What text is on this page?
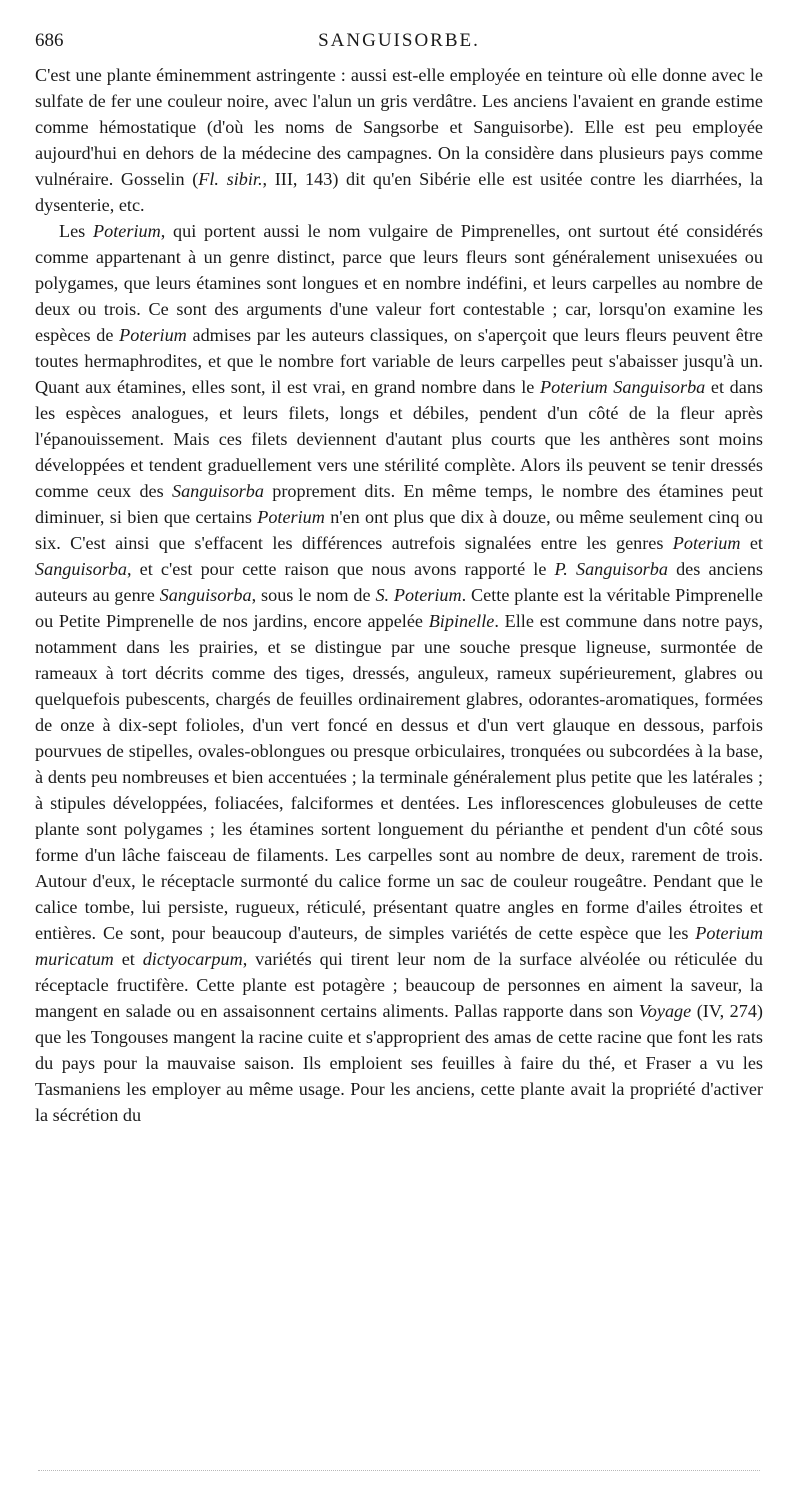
686	SANGUISORBE.

C'est une plante éminemment astringente : aussi est-elle employée en teinture où elle donne avec le sulfate de fer une couleur noire, avec l'alun un gris verdâtre. Les anciens l'avaient en grande estime comme hémostatique (d'où les noms de Sangsorbe et Sanguisorbe). Elle est peu employée aujourd'hui en dehors de la médecine des campagnes. On la considère dans plusieurs pays comme vulnéraire. Gosselin (Fl. sibir., III, 143) dit qu'en Sibérie elle est usitée contre les diarrhées, la dysenterie, etc.

Les Poterium, qui portent aussi le nom vulgaire de Pimprenelles, ont surtout été considérés comme appartenant à un genre distinct, parce que leurs fleurs sont généralement unisexuées ou polygames, que leurs étamines sont longues et en nombre indéfini, et leurs carpelles au nombre de deux ou trois. Ce sont des arguments d'une valeur fort contestable ; car, lorsqu'on examine les espèces de Poterium admises par les auteurs classiques, on s'aperçoit que leurs fleurs peuvent être toutes hermaphrodites, et que le nombre fort variable de leurs carpelles peut s'abaisser jusqu'à un. Quant aux étamines, elles sont, il est vrai, en grand nombre dans le Poterium Sanguisorba et dans les espèces analogues, et leurs filets, longs et débiles, pendent d'un côté de la fleur après l'épanouissement. Mais ces filets deviennent d'autant plus courts que les anthères sont moins développées et tendent graduellement vers une stérilité complète. Alors ils peuvent se tenir dressés comme ceux des Sanguisorba proprement dits. En même temps, le nombre des étamines peut diminuer, si bien que certains Poterium n'en ont plus que dix à douze, ou même seulement cinq ou six. C'est ainsi que s'effacent les différences autrefois signalées entre les genres Poterium et Sanguisorba, et c'est pour cette raison que nous avons rapporté le P. Sanguisorba des anciens auteurs au genre Sanguisorba, sous le nom de S. Poterium. Cette plante est la véritable Pimprenelle ou Petite Pimprenelle de nos jardins, encore appelée Bipinelle. Elle est commune dans notre pays, notamment dans les prairies, et se distingue par une souche presque ligneuse, surmontée de rameaux à tort décrits comme des tiges, dressés, anguleux, rameux supérieurement, glabres ou quelquefois pubescents, chargés de feuilles ordinairement glabres, odorantes-aromatiques, formées de onze à dix-sept folioles, d'un vert foncé en dessus et d'un vert glauque en dessous, parfois pourvues de stipelles, ovales-oblongues ou presque orbiculaires, tronquées ou subcordées à la base, à dents peu nombreuses et bien accentuées ; la terminale généralement plus petite que les latérales ; à stipules développées, foliacées, falciformes et dentées. Les inflorescences globuleuses de cette plante sont polygames ; les étamines sortent longuement du périanthe et pendent d'un côté sous forme d'un lâche faisceau de filaments. Les carpelles sont au nombre de deux, rarement de trois. Autour d'eux, le réceptacle surmonté du calice forme un sac de couleur rougeâtre. Pendant que le calice tombe, lui persiste, rugueux, réticulé, présentant quatre angles en forme d'ailes étroites et entières. Ce sont, pour beaucoup d'auteurs, de simples variétés de cette espèce que les Poterium muricatum et dictyocarpum, variétés qui tirent leur nom de la surface alvéolée ou réticulée du réceptacle fructifère. Cette plante est potagère ; beaucoup de personnes en aiment la saveur, la mangent en salade ou en assaisonnent certains aliments. Pallas rapporte dans son Voyage (IV, 274) que les Tongouses mangent la racine cuite et s'approprient des amas de cette racine que font les rats du pays pour la mauvaise saison. Ils emploient ses feuilles à faire du thé, et Fraser a vu les Tasmaniens les employer au même usage. Pour les anciens, cette plante avait la propriété d'activer la sécrétion du
